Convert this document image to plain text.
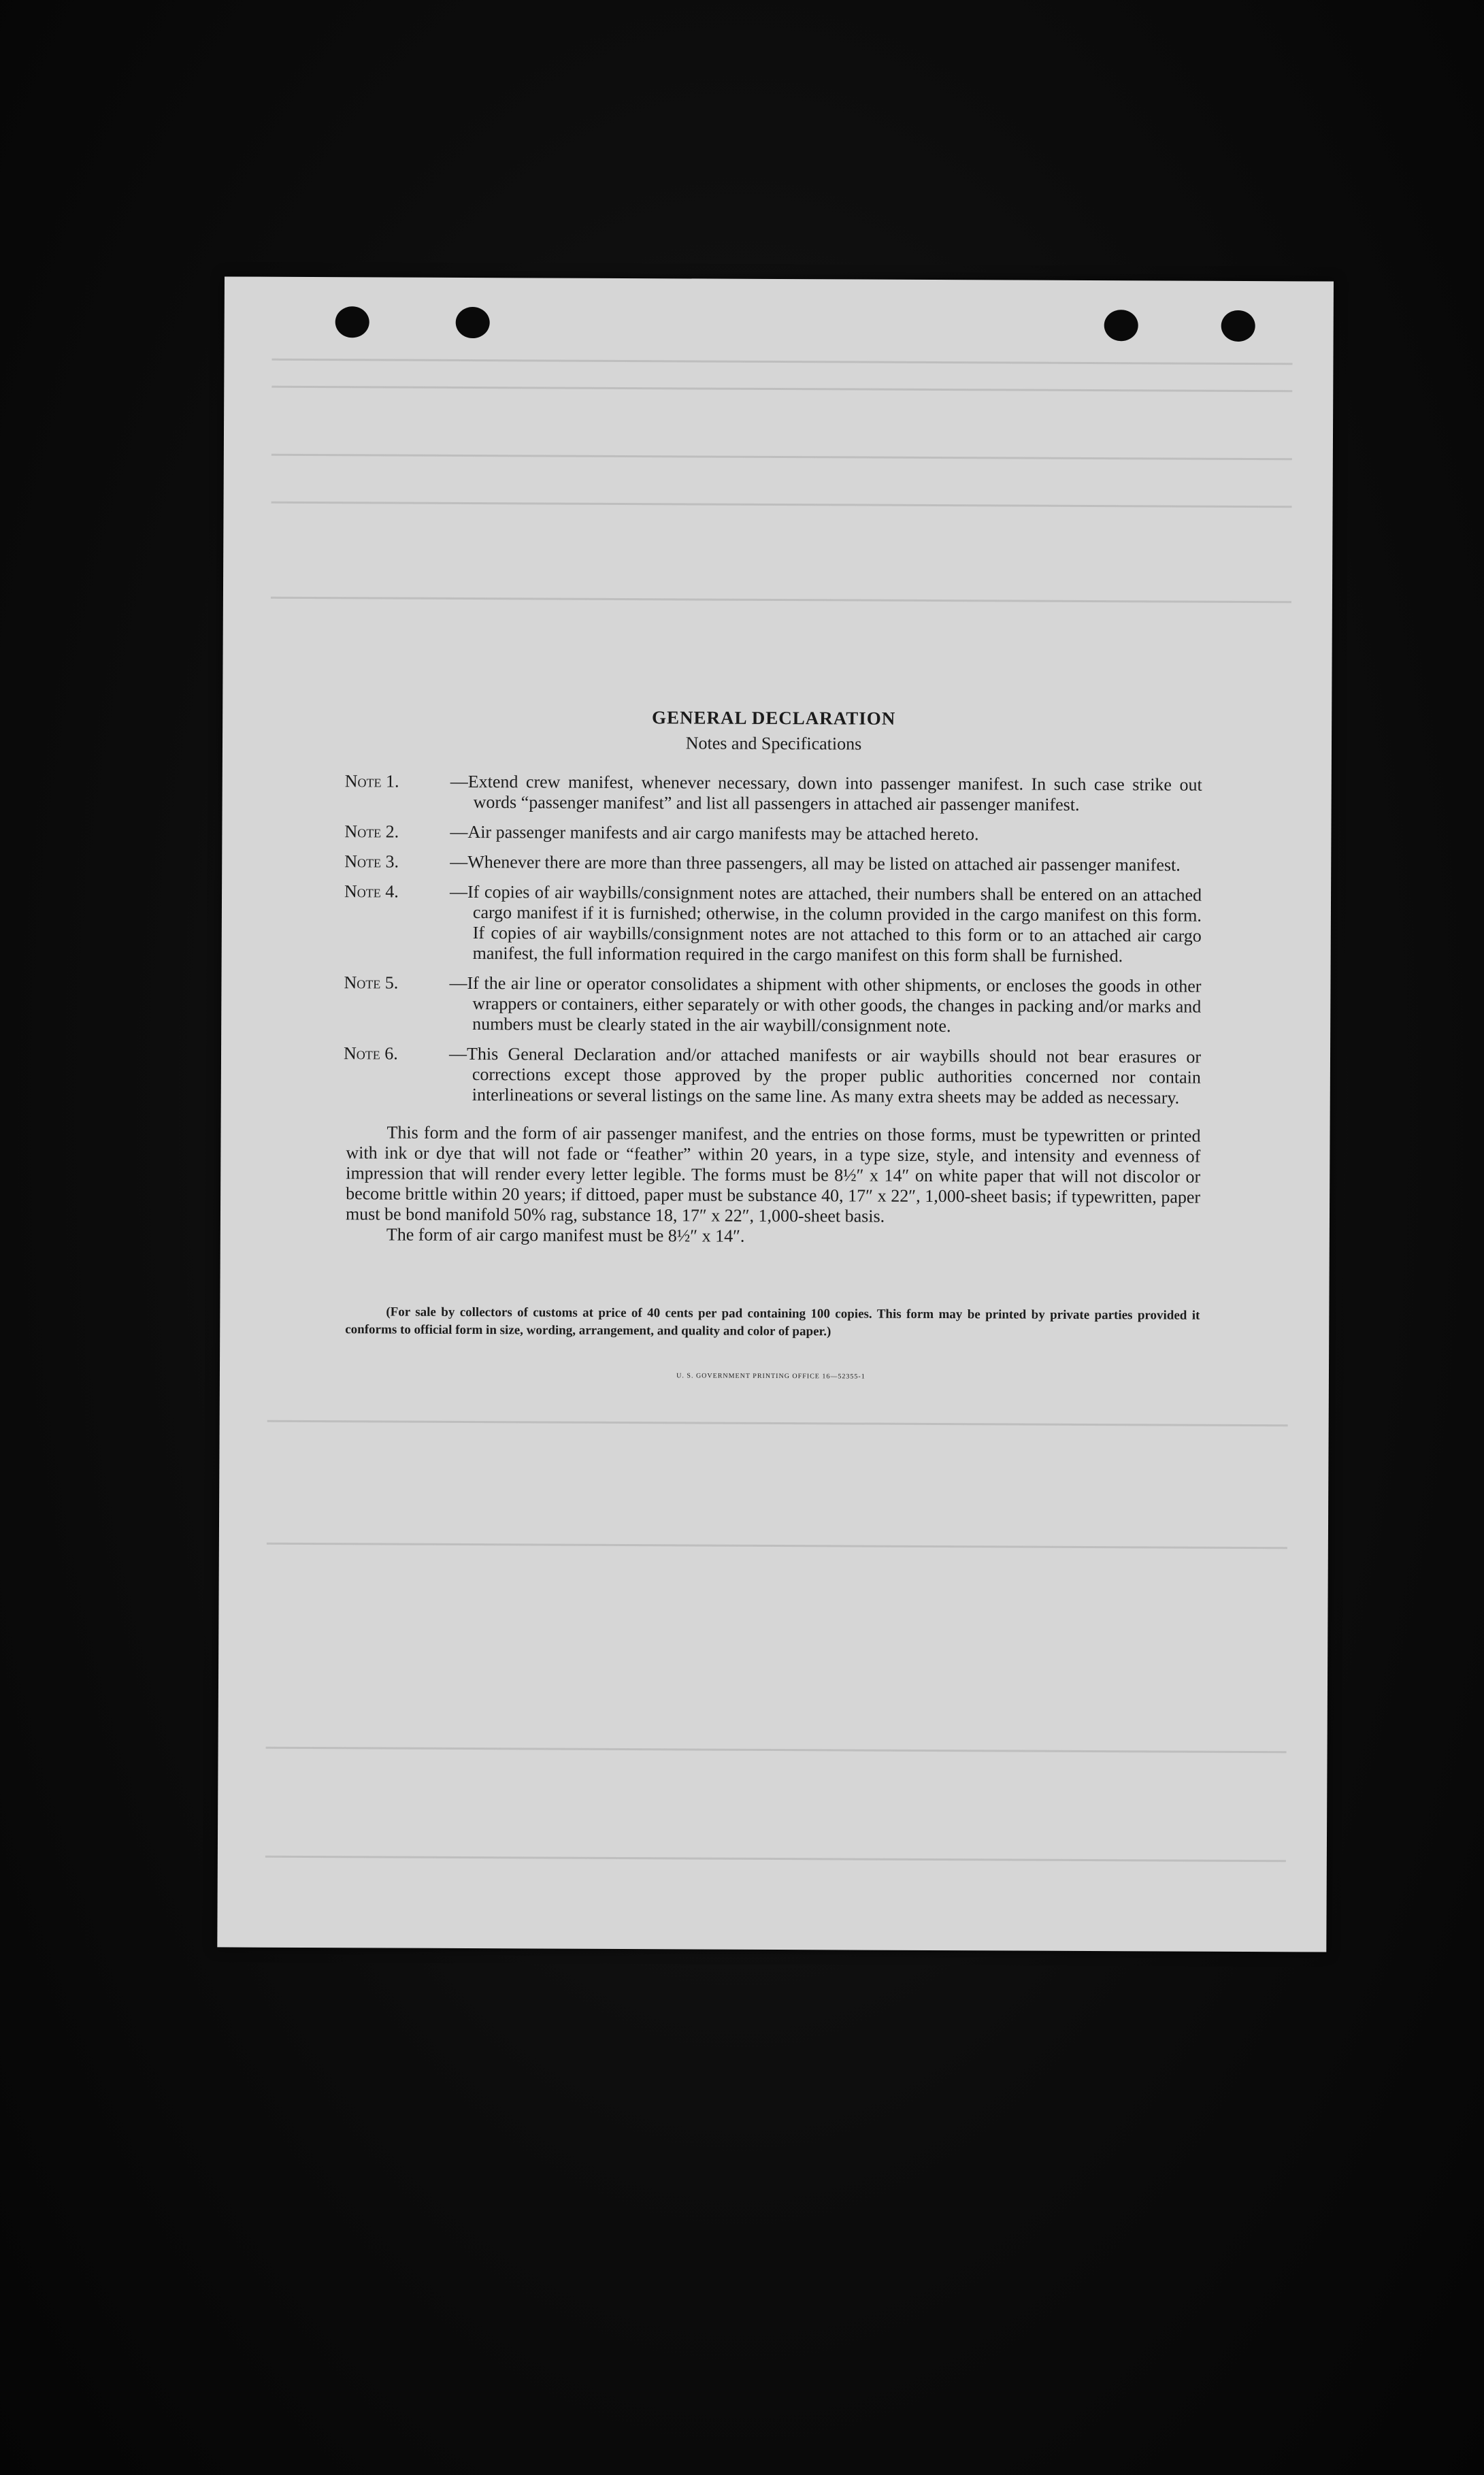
GENERAL DECLARATION
Notes and Specifications
Note 1.	—Extend crew manifest, whenever necessary, down into passenger manifest. In such case strike out words “passenger manifest” and list all passengers in attached air passenger manifest.
Note 2.	—Air passenger manifests and air cargo manifests may be attached hereto.
Note 3.	—Whenever there are more than three passengers, all may be listed on attached air passenger manifest.
Note 4.	—If copies of air waybills/consignment notes are attached, their numbers shall be entered on an attached cargo manifest if it is furnished; otherwise, in the column provided in the cargo manifest on this form. If copies of air waybills/consignment notes are not attached to this form or to an attached air cargo manifest, the full information required in the cargo manifest on this form shall be furnished.
Note 5.	—If the air line or operator consolidates a shipment with other shipments, or encloses the goods in other wrappers or containers, either separately or with other goods, the changes in packing and/or marks and numbers must be clearly stated in the air waybill/consignment note.
Note 6.	—This General Declaration and/or attached manifests or air waybills should not bear erasures or corrections except those approved by the proper public authorities concerned nor contain interlineations or several listings on the same line. As many extra sheets may be added as necessary.

This form and the form of air passenger manifest, and the entries on those forms, must be typewritten or printed with ink or dye that will not fade or “feather” within 20 years, in a type size, style, and intensity and evenness of impression that will render every letter legible. The forms must be 8½″ x 14″ on white paper that will not discolor or become brittle within 20 years; if dittoed, paper must be substance 40, 17″ x 22″, 1,000-sheet basis; if typewritten, paper must be bond manifold 50% rag, substance 18, 17″ x 22″, 1,000-sheet basis.

The form of air cargo manifest must be 8½″ x 14″.

(For sale by collectors of customs at price of 40 cents per pad containing 100 copies. This form may be printed by private parties provided it conforms to official form in size, wording, arrangement, and quality and color of paper.)

U. S. GOVERNMENT PRINTING OFFICE 16—52355-1
